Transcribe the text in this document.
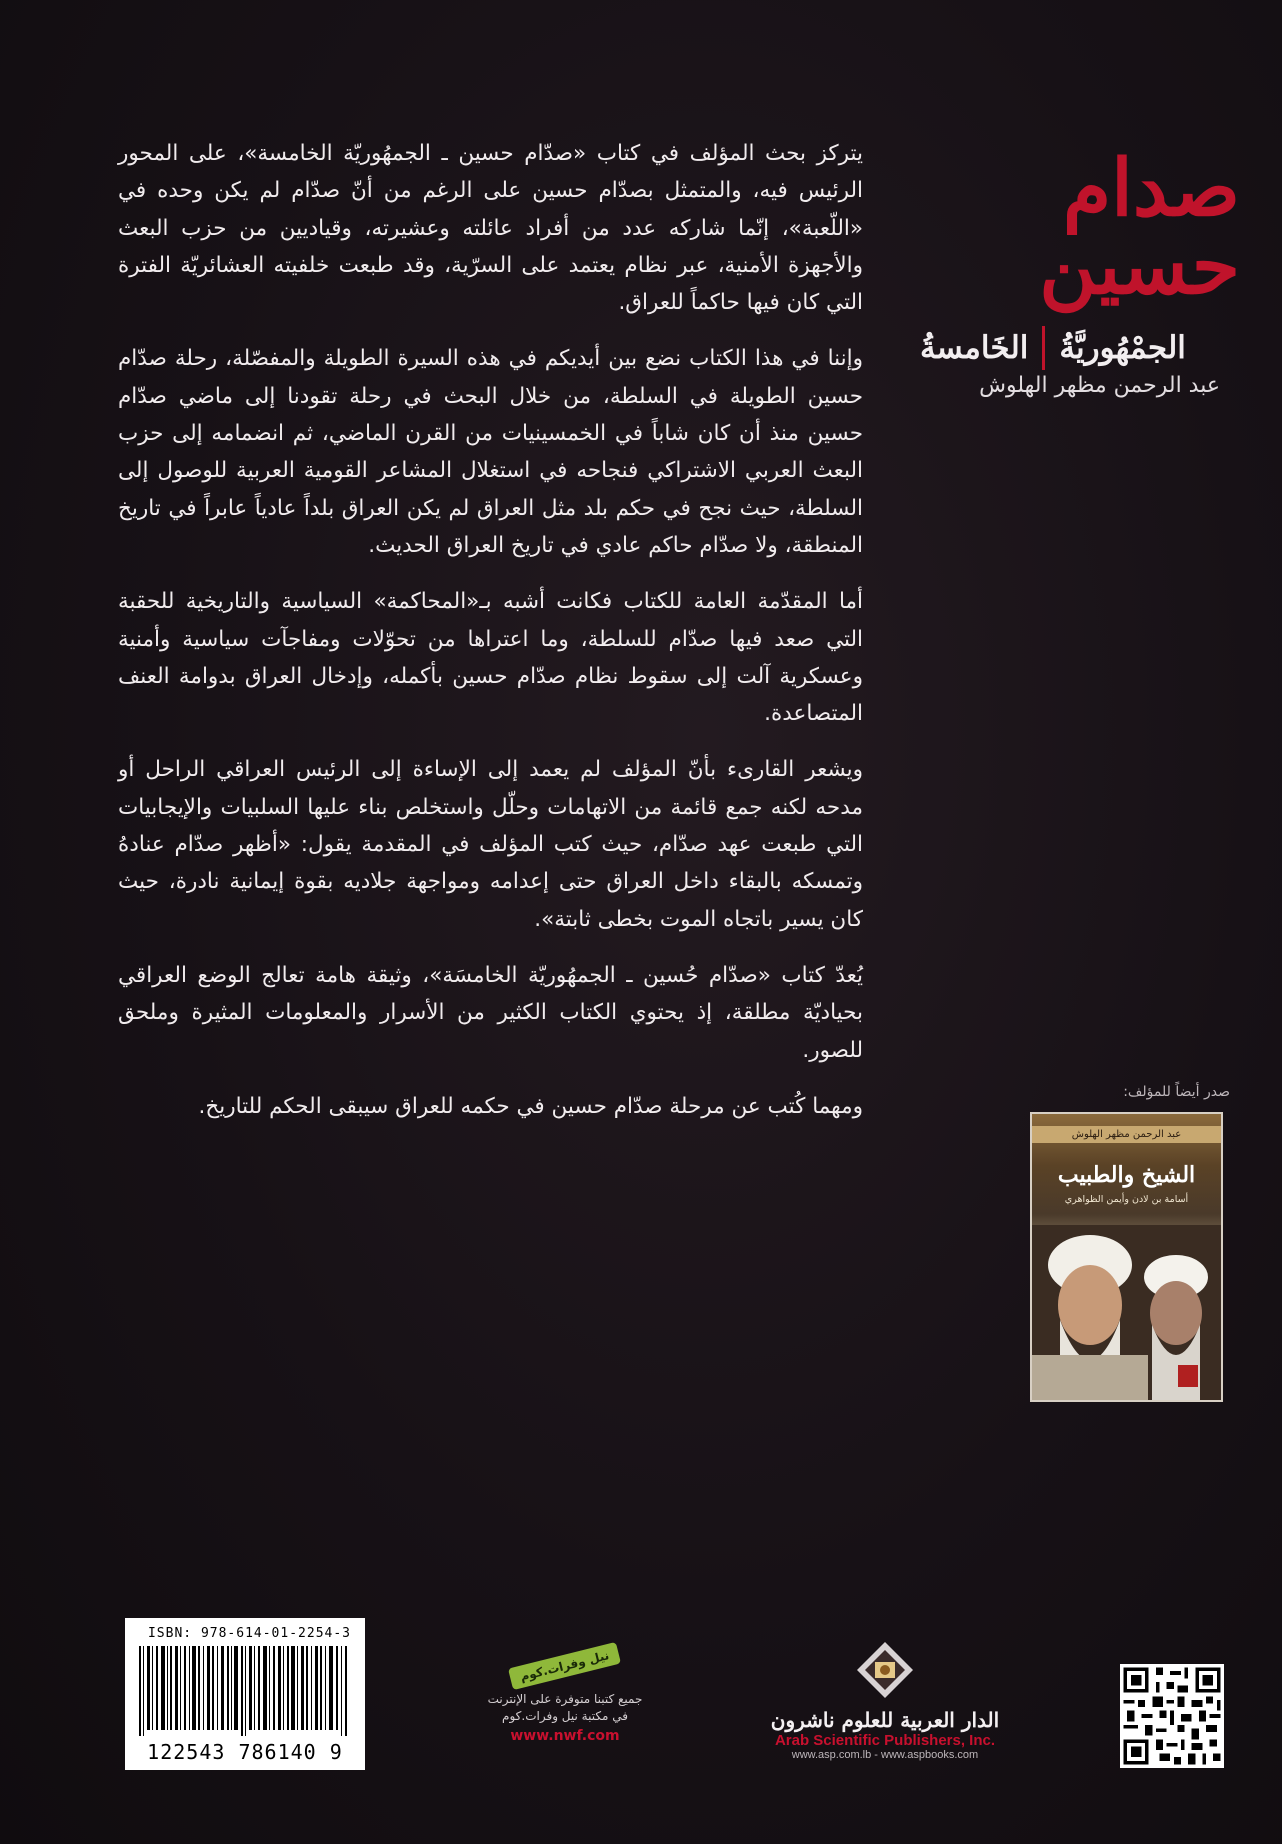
صدام حسين
الجمْهُوريَّةُ
الخَامسةُ
عبد الرحمن مظهر الهلوش

يتركز بحث المؤلف في كتاب «صدّام حسين ـ الجمهُوريّة الخامسة»، على المحور الرئيس فيه، والمتمثل بصدّام حسين على الرغم من أنّ صدّام لم يكن وحده في «اللّعبة»، إنّما شاركه عدد من أفراد عائلته وعشيرته، وقياديين من حزب البعث والأجهزة الأمنية، عبر نظام يعتمد على السرّية، وقد طبعت خلفيته العشائريّة الفترة التي كان فيها حاكماً للعراق.

وإننا في هذا الكتاب نضع بين أيديكم في هذه السيرة الطويلة والمفصّلة، رحلة صدّام حسين الطويلة في السلطة، من خلال البحث في رحلة تقودنا إلى ماضي صدّام حسين منذ أن كان شاباً في الخمسينيات من القرن الماضي، ثم انضمامه إلى حزب البعث العربي الاشتراكي فنجاحه في استغلال المشاعر القومية العربية للوصول إلى السلطة، حيث نجح في حكم بلد مثل العراق لم يكن العراق بلداً عادياً عابراً في تاريخ المنطقة، ولا صدّام حاكم عادي في تاريخ العراق الحديث.

أما المقدّمة العامة للكتاب فكانت أشبه بـ«المحاكمة» السياسية والتاريخية للحقبة التي صعد فيها صدّام للسلطة، وما اعتراها من تحوّلات ومفاجآت سياسية وأمنية وعسكرية آلت إلى سقوط نظام صدّام حسين بأكمله، وإدخال العراق بدوامة العنف المتصاعدة.

ويشعر القارىء بأنّ المؤلف لم يعمد إلى الإساءة إلى الرئيس العراقي الراحل أو مدحه لكنه جمع قائمة من الاتهامات وحلّل واستخلص بناء عليها السلبيات والإيجابيات التي طبعت عهد صدّام، حيث كتب المؤلف في المقدمة يقول: «أظهر صدّام عنادهُ وتمسكه بالبقاء داخل العراق حتى إعدامه ومواجهة جلاديه بقوة إيمانية نادرة، حيث كان يسير باتجاه الموت بخطى ثابتة».

يُعدّ كتاب «صدّام حُسين ـ الجمهُوريّة الخامسَة»، وثيقة هامة تعالج الوضع العراقي بحياديّة مطلقة، إذ يحتوي الكتاب الكثير من الأسرار والمعلومات المثيرة وملحق للصور.

ومهما كُتب عن مرحلة صدّام حسين في حكمه للعراق سيبقى الحكم للتاريخ.

صدر أيضاً للمؤلف:
عبد الرحمن مظهر الهلوش
الشيخ والطبيب
أسامة بن لادن وأيمن الظواهري
ISBN: 978-614-01-2254-3
9 786140 122543
نيل وفرات.كوم
جميع كتبنا متوفرة على الإنترنت
في مكتبة نيل وفرات.كوم
www.nwf.com
الدار العربية للعلوم ناشرون
Arab Scientific Publishers, Inc.
www.asp.com.lb - www.aspbooks.com
